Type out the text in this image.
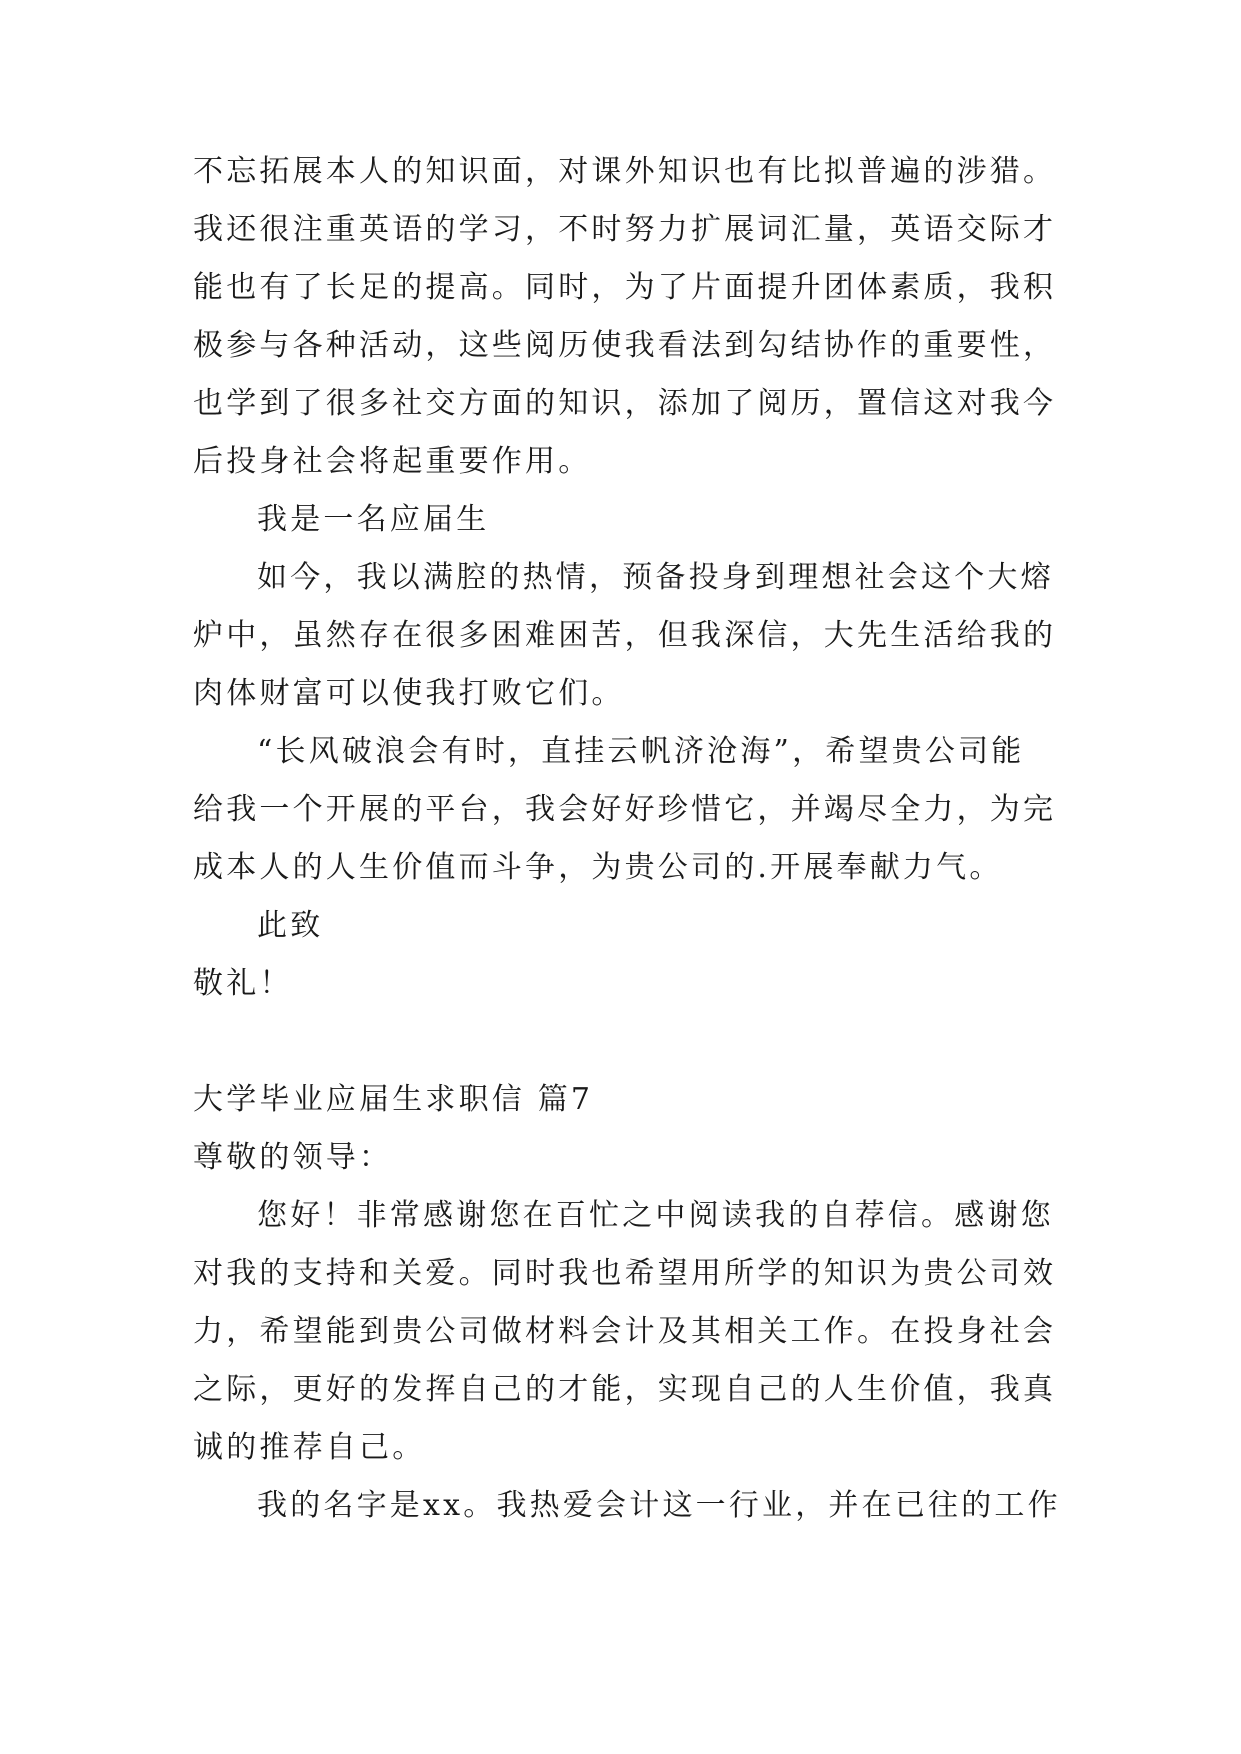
不忘拓展本人的知识面，对课外知识也有比拟普遍的涉猎。
我还很注重英语的学习，不时努力扩展词汇量，英语交际才
能也有了长足的提高。同时，为了片面提升团体素质，我积
极参与各种活动，这些阅历使我看法到勾结协作的重要性，
也学到了很多社交方面的知识，添加了阅历，置信这对我今
后投身社会将起重要作用。
我是一名应届生
如今，我以满腔的热情，预备投身到理想社会这个大熔
炉中，虽然存在很多困难困苦，但我深信，大先生活给我的
肉体财富可以使我打败它们。
“长风破浪会有时，直挂云帆济沧海”，希望贵公司能
给我一个开展的平台，我会好好珍惜它，并竭尽全力，为完
成本人的人生价值而斗争，为贵公司的.开展奉献力气。
此致
敬礼！
大学毕业应届生求职信 篇7
尊敬的领导：
您好！非常感谢您在百忙之中阅读我的自荐信。感谢您
对我的支持和关爱。同时我也希望用所学的知识为贵公司效
力，希望能到贵公司做材料会计及其相关工作。在投身社会
之际，更好的发挥自己的才能，实现自己的人生价值，我真
诚的推荐自己。
我的名字是xx。我热爱会计这一行业，并在已往的工作
